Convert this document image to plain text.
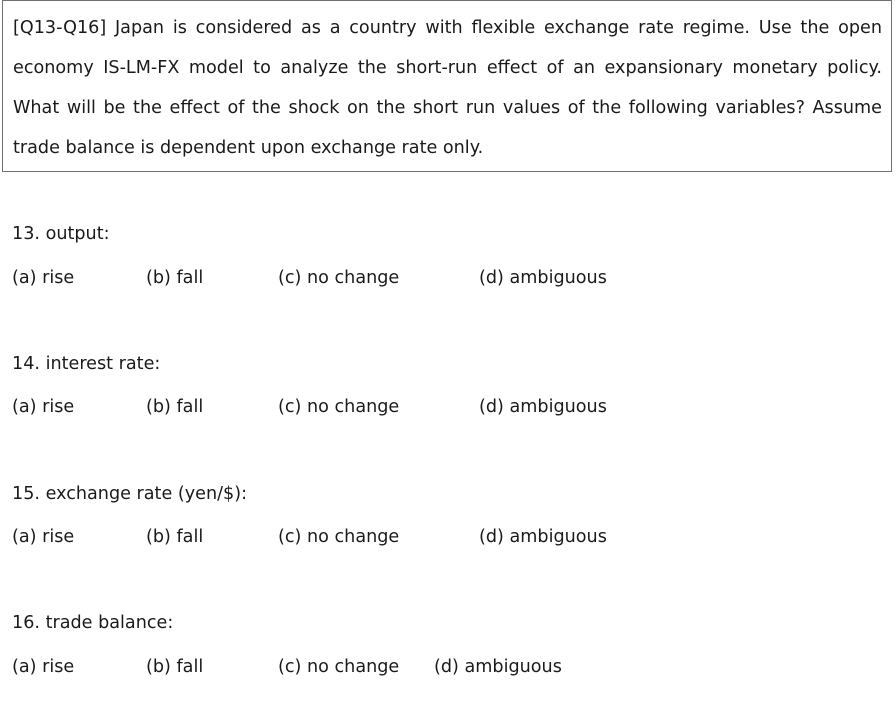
[Q13-Q16] Japan is considered as a country with flexible exchange rate regime. Use the open
economy IS-LM-FX model to analyze the short-run effect of an expansionary monetary policy.
What will be the effect of the shock on the short run values of the following variables? Assume
trade balance is dependent upon exchange rate only.
13. output:
(a) rise	(b) fall	(c) no change	(d) ambiguous
14. interest rate:
(a) rise	(b) fall	(c) no change	(d) ambiguous
15. exchange rate (yen/$):
(a) rise	(b) fall	(c) no change	(d) ambiguous
16. trade balance:
(a) rise	(b) fall	(c) no change (d) ambiguous
